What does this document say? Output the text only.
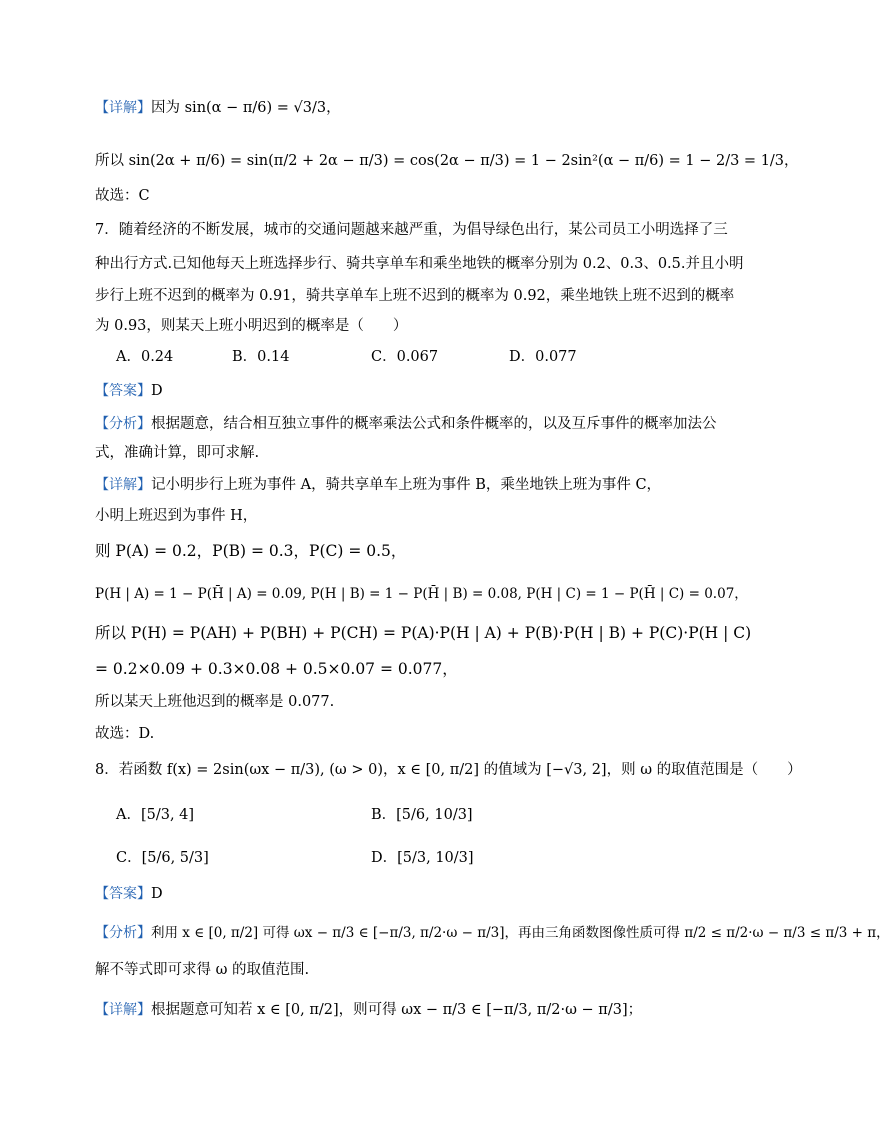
【详解】因为 sin(α − π/6) = √3/3，
所以 sin(2α + π/6) = sin(π/2 + 2α − π/3) = cos(2α − π/3) = 1 − 2sin²(α − π/6) = 1 − 2/3 = 1/3，
故选：C
7．随着经济的不断发展，城市的交通问题越来越严重，为倡导绿色出行，某公司员工小明选择了三
种出行方式.已知他每天上班选择步行、骑共享单车和乘坐地铁的概率分别为 0.2、0.3、0.5.并且小明
步行上班不迟到的概率为 0.91，骑共享单车上班不迟到的概率为 0.92，乘坐地铁上班不迟到的概率
为 0.93，则某天上班小明迟到的概率是（　　）
A．0.24	B．0.14	C．0.067	D．0.077
【答案】D
【分析】根据题意，结合相互独立事件的概率乘法公式和条件概率的，以及互斥事件的概率加法公
式，准确计算，即可求解.
【详解】记小明步行上班为事件 A，骑共享单车上班为事件 B，乘坐地铁上班为事件 C，
小明上班迟到为事件 H，
则 P(A) = 0.2，P(B) = 0.3，P(C) = 0.5，
P(H | A) = 1 − P(H̄ | A) = 0.09, P(H | B) = 1 − P(H̄ | B) = 0.08, P(H | C) = 1 − P(H̄ | C) = 0.07，
所以 P(H) = P(AH) + P(BH) + P(CH) = P(A)·P(H | A) + P(B)·P(H | B) + P(C)·P(H | C)
= 0.2×0.09 + 0.3×0.08 + 0.5×0.07 = 0.077，
所以某天上班他迟到的概率是 0.077.
故选：D.
8．若函数 f(x) = 2sin(ωx − π/3), (ω > 0)，x ∈ [0, π/2] 的值域为 [−√3, 2]，则 ω 的取值范围是（　　）
A．[5/3, 4]	B．[5/6, 10/3]
C．[5/6, 5/3]	D．[5/3, 10/3]
【答案】D
【分析】利用 x ∈ [0, π/2] 可得 ωx − π/3 ∈ [−π/3, π/2·ω − π/3]，再由三角函数图像性质可得 π/2 ≤ π/2·ω − π/3 ≤ π/3 + π，
解不等式即可求得 ω 的取值范围.
【详解】根据题意可知若 x ∈ [0, π/2]，则可得 ωx − π/3 ∈ [−π/3, π/2·ω − π/3]；
